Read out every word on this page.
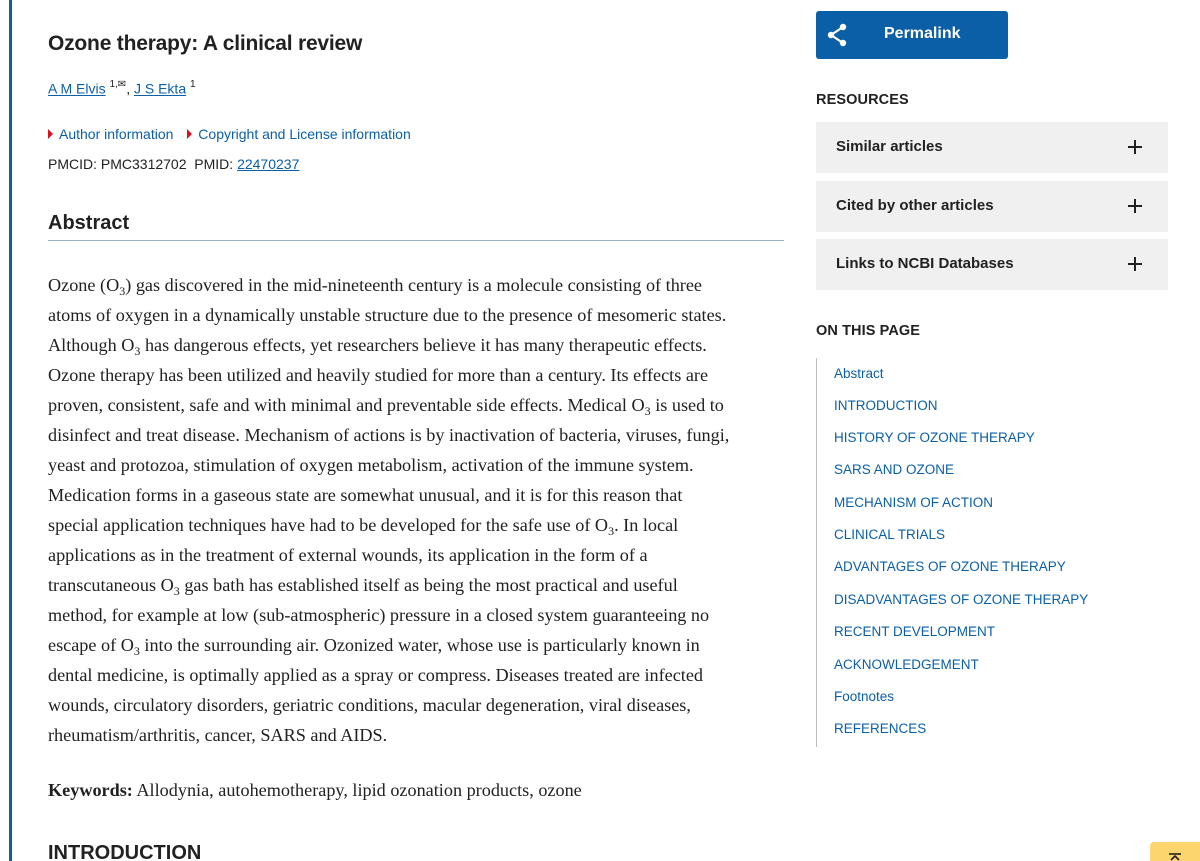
Ozone therapy: A clinical review
A M Elvis $^{1,✉}$, J S Ekta $^1$
Author information Copyright and License information
PMCID: PMC3312702 PMID: 22470237
Abstract
Ozone $(O_3)$ gas discovered in the mid-nineteenth century is a molecule consisting of three
atoms of oxygen in a dynamically unstable structure due to the presence of mesomeric states.
Although $O_3$ has dangerous effects, yet researchers believe it has many therapeutic effects.
Ozone therapy has been utilized and heavily studied for more than a century. Its effects are
proven, consistent, safe and with minimal and preventable side effects. Medical $O_3$ is used to
disinfect and treat disease. Mechanism of actions is by inactivation of bacteria, viruses, fungi,
yeast and protozoa, stimulation of oxygen metabolism, activation of the immune system.
Medication forms in a gaseous state are somewhat unusual, and it is for this reason that
special application techniques have had to be developed for the safe use of $O_3$. In local
applications as in the treatment of external wounds, its application in the form of a
transcutaneous $O_3$ gas bath has established itself as being the most practical and useful
method, for example at low (sub-atmospheric) pressure in a closed system guaranteeing no
escape of $O_3$ into the surrounding air. Ozonized water, whose use is particularly known in
dental medicine, is optimally applied as a spray or compress. Diseases treated are infected
wounds, circulatory disorders, geriatric conditions, macular degeneration, viral diseases,
rheumatism/arthritis, cancer, SARS and AIDS.

Keywords: Allodynia, autohemotherapy, lipid ozonation products, ozone

INTRODUCTION
Permalink
RESOURCES
Similar articles
Cited by other articles
Links to NCBI Databases
ON THIS PAGE
Abstract
INTRODUCTION
HISTORY OF OZONE THERAPY
SARS AND OZONE
MECHANISM OF ACTION
CLINICAL TRIALS
ADVANTAGES OF OZONE THERAPY
DISADVANTAGES OF OZONE THERAPY
RECENT DEVELOPMENT
ACKNOWLEDGEMENT
Footnotes
REFERENCES
